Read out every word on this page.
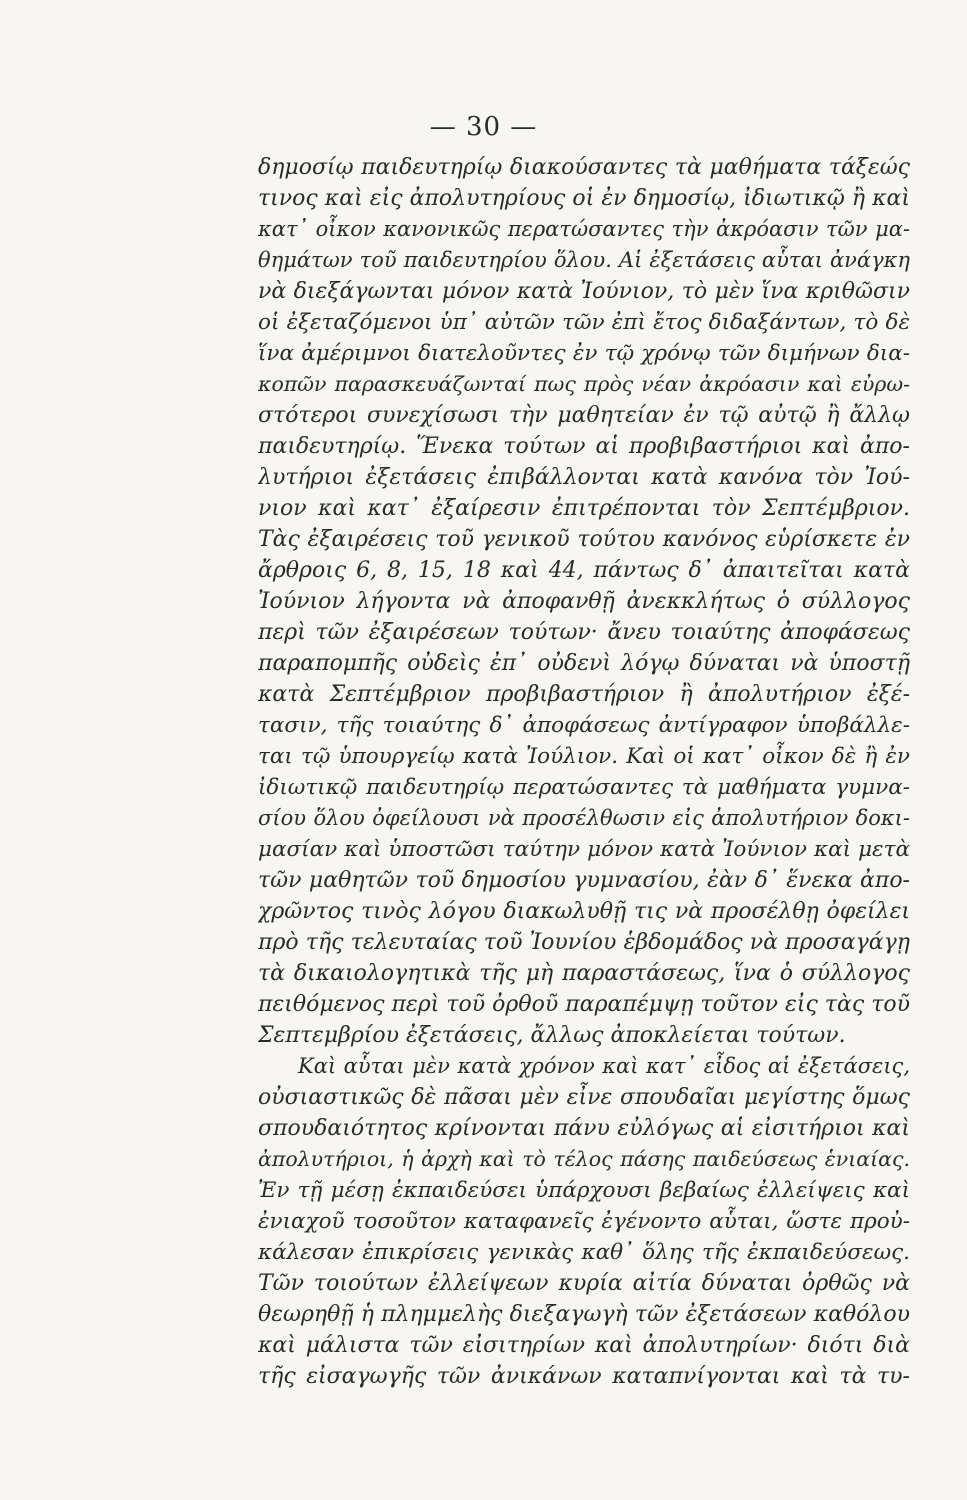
— 30 —
δημοσίῳ παιδευτηρίῳ διακούσαντες τὰ μαθήματα τάξεώς
τινος καὶ εἰς ἀπολυτηρίους οἱ ἐν δημοσίῳ, ἰδιωτικῷ ἢ καὶ
κατ᾿ οἶκον κανονικῶς περατώσαντες τὴν ἀκρόασιν τῶν μα-
θημάτων τοῦ παιδευτηρίου ὅλου. Αἱ ἐξετάσεις αὗται ἀνάγκη
νὰ διεξάγωνται μόνον κατὰ Ἰούνιον, τὸ μὲν ἵνα κριθῶσιν
οἱ ἐξεταζόμενοι ὑπ᾿ αὐτῶν τῶν ἐπὶ ἔτος διδαξάντων, τὸ δὲ
ἵνα ἀμέριμνοι διατελοῦντες ἐν τῷ χρόνῳ τῶν διμήνων δια-
κοπῶν παρασκευάζωνταί πως πρὸς νέαν ἀκρόασιν καὶ εὐρω-
στότεροι συνεχίσωσι τὴν μαθητείαν ἐν τῷ αὐτῷ ἢ ἄλλῳ
παιδευτηρίῳ. Ἕνεκα τούτων αἱ προβιβαστήριοι καὶ ἀπο-
λυτήριοι ἐξετάσεις ἐπιβάλλονται κατὰ κανόνα τὸν Ἰού-
νιον καὶ κατ᾿ ἐξαίρεσιν ἐπιτρέπονται τὸν Σεπτέμβριον.
Τὰς ἐξαιρέσεις τοῦ γενικοῦ τούτου κανόνος εὑρίσκετε ἐν
ἄρθροις 6, 8, 15, 18 καὶ 44, πάντως δ᾿ ἀπαιτεῖται κατὰ
Ἰούνιον λήγοντα νὰ ἀποφανθῇ ἀνεκκλήτως ὁ σύλλογος
περὶ τῶν ἐξαιρέσεων τούτων· ἄνευ τοιαύτης ἀποφάσεως
παραπομπῆς οὐδεὶς ἐπ᾿ οὐδενὶ λόγῳ δύναται νὰ ὑποστῇ
κατὰ Σεπτέμβριον προβιβαστήριον ἢ ἀπολυτήριον ἐξέ-
τασιν, τῆς τοιαύτης δ᾿ ἀποφάσεως ἀντίγραφον ὑποβάλλε-
ται τῷ ὑπουργείῳ κατὰ Ἰούλιον. Καὶ οἱ κατ᾿ οἶκον δὲ ἢ ἐν
ἰδιωτικῷ παιδευτηρίῳ περατώσαντες τὰ μαθήματα γυμνα-
σίου ὅλου ὀφείλουσι νὰ προσέλθωσιν εἰς ἀπολυτήριον δοκι-
μασίαν καὶ ὑποστῶσι ταύτην μόνον κατὰ Ἰούνιον καὶ μετὰ
τῶν μαθητῶν τοῦ δημοσίου γυμνασίου, ἐὰν δ᾿ ἕνεκα ἀπο-
χρῶντος τινὸς λόγου διακωλυθῇ τις νὰ προσέλθῃ ὀφείλει
πρὸ τῆς τελευταίας τοῦ Ἰουνίου ἑβδομάδος νὰ προσαγάγῃ
τὰ δικαιολογητικὰ τῆς μὴ παραστάσεως, ἵνα ὁ σύλλογος
πειθόμενος περὶ τοῦ ὀρθοῦ παραπέμψῃ τοῦτον εἰς τὰς τοῦ
Σεπτεμβρίου ἐξετάσεις, ἄλλως ἀποκλείεται τούτων.
Καὶ αὗται μὲν κατὰ χρόνον καὶ κατ᾿ εἶδος αἱ ἐξετάσεις,
οὐσιαστικῶς δὲ πᾶσαι μὲν εἶνε σπουδαῖαι μεγίστης ὅμως
σπουδαιότητος κρίνονται πάνυ εὐλόγως αἱ εἰσιτήριοι καὶ
ἀπολυτήριοι, ἡ ἀρχὴ καὶ τὸ τέλος πάσης παιδεύσεως ἑνιαίας.
Ἐν τῇ μέσῃ ἐκπαιδεύσει ὑπάρχουσι βεβαίως ἐλλείψεις καὶ
ἐνιαχοῦ τοσοῦτον καταφανεῖς ἐγένοντο αὗται, ὥστε προὐ-
κάλεσαν ἐπικρίσεις γενικὰς καθ᾿ ὅλης τῆς ἐκπαιδεύσεως.
Τῶν τοιούτων ἐλλείψεων κυρία αἰτία δύναται ὀρθῶς νὰ
θεωρηθῇ ἡ πλημμελὴς διεξαγωγὴ τῶν ἐξετάσεων καθόλου
καὶ μάλιστα τῶν εἰσιτηρίων καὶ ἀπολυτηρίων· διότι διὰ
τῆς εἰσαγωγῆς τῶν ἀνικάνων καταπνίγονται καὶ τὰ τυ-
